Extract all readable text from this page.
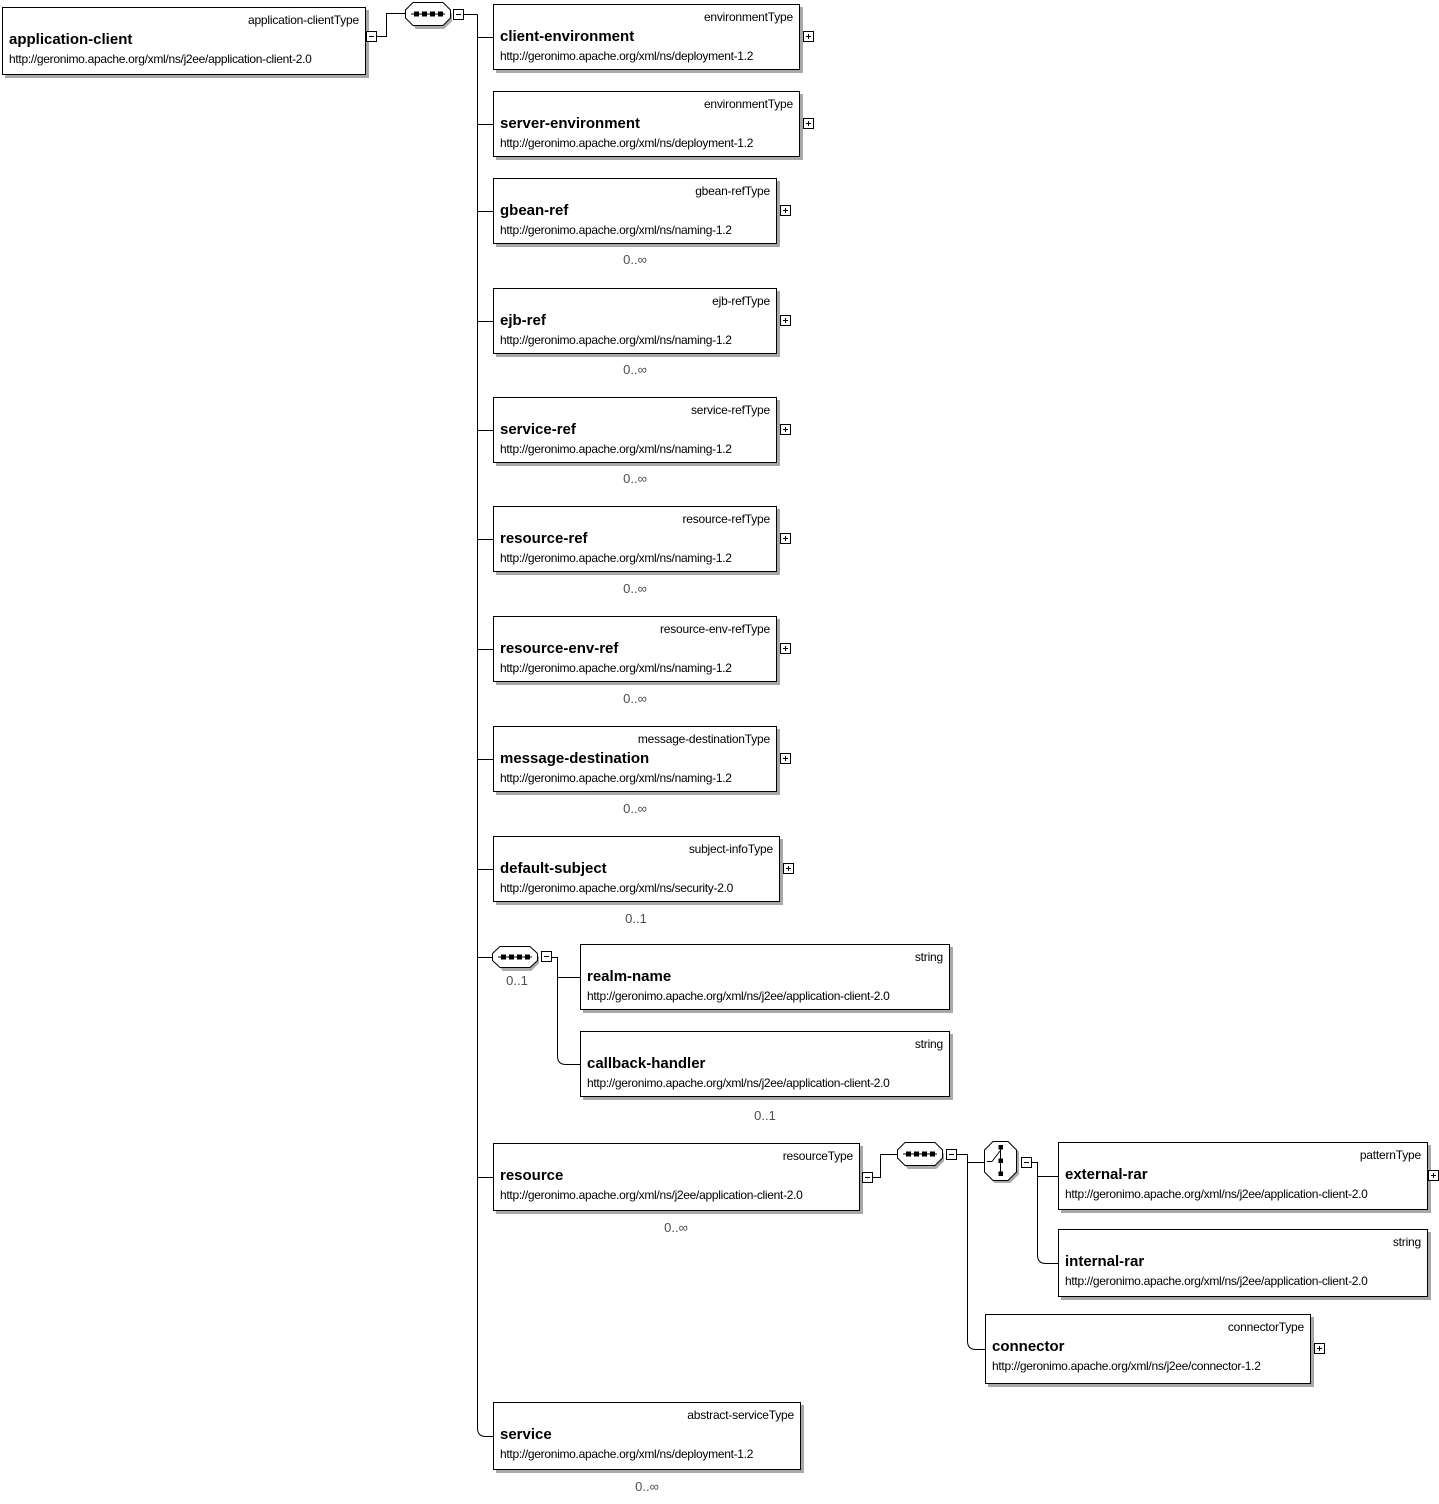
application-clientType
application-client
http://geronimo.apache.org/xml/ns/j2ee/application-client-2.0
environmentType
client-environment
http://geronimo.apache.org/xml/ns/deployment-1.2
environmentType
server-environment
http://geronimo.apache.org/xml/ns/deployment-1.2
gbean-refType
gbean-ref
http://geronimo.apache.org/xml/ns/naming-1.2
0..∞
ejb-refType
ejb-ref
http://geronimo.apache.org/xml/ns/naming-1.2
0..∞
service-refType
service-ref
http://geronimo.apache.org/xml/ns/naming-1.2
0..∞
resource-refType
resource-ref
http://geronimo.apache.org/xml/ns/naming-1.2
0..∞
resource-env-refType
resource-env-ref
http://geronimo.apache.org/xml/ns/naming-1.2
0..∞
message-destinationType
message-destination
http://geronimo.apache.org/xml/ns/naming-1.2
0..∞
subject-infoType
default-subject
http://geronimo.apache.org/xml/ns/security-2.0
0..1
0..1
string
realm-name
http://geronimo.apache.org/xml/ns/j2ee/application-client-2.0
string
callback-handler
http://geronimo.apache.org/xml/ns/j2ee/application-client-2.0
0..1
resourceType
resource
http://geronimo.apache.org/xml/ns/j2ee/application-client-2.0
0..∞
patternType
external-rar
http://geronimo.apache.org/xml/ns/j2ee/application-client-2.0
string
internal-rar
http://geronimo.apache.org/xml/ns/j2ee/application-client-2.0
connectorType
connector
http://geronimo.apache.org/xml/ns/j2ee/connector-1.2
abstract-serviceType
service
http://geronimo.apache.org/xml/ns/deployment-1.2
0..∞
